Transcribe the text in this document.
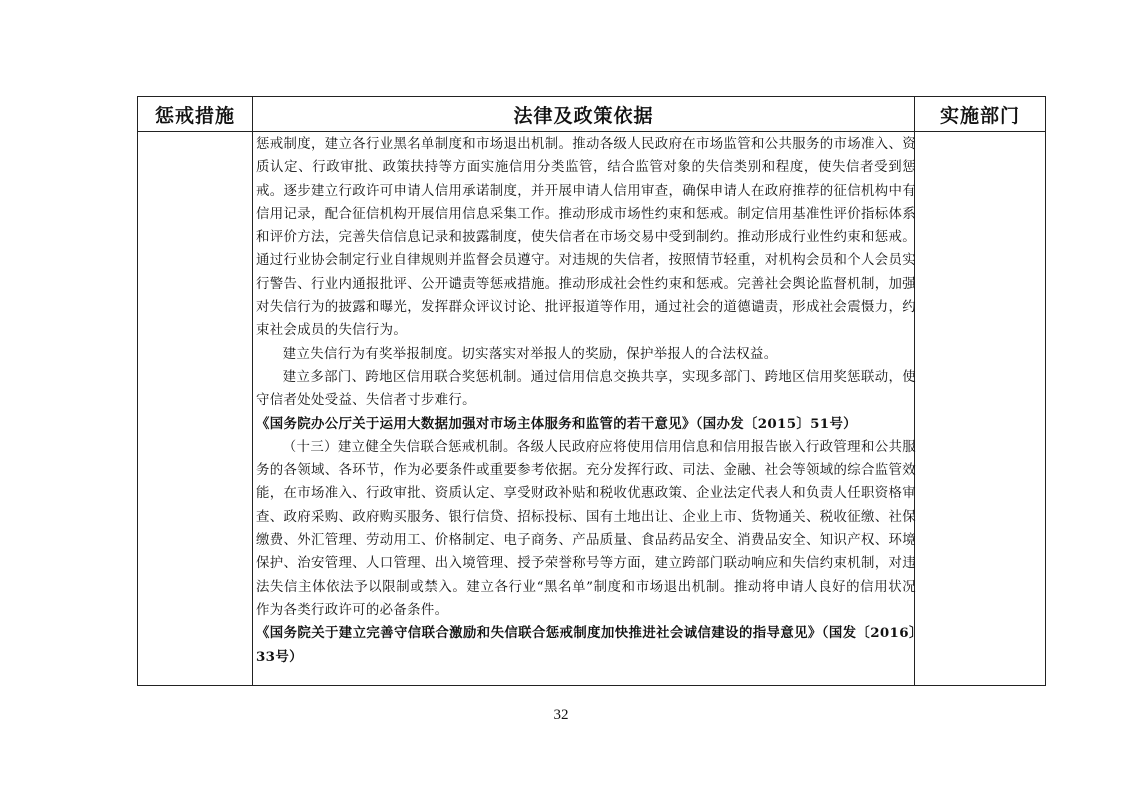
惩戒措施	法律及政策依据	实施部门

惩戒制度，建立各行业黑名单制度和市场退出机制。推动各级人民政府在市场监管和公共服务的市场准入、资质认定、行政审批、政策扶持等方面实施信用分类监管，结合监管对象的失信类别和程度，使失信者受到惩戒。逐步建立行政许可申请人信用承诺制度，并开展申请人信用审查，确保申请人在政府推荐的征信机构中有信用记录，配合征信机构开展信用信息采集工作。推动形成市场性约束和惩戒。制定信用基准性评价指标体系和评价方法，完善失信信息记录和披露制度，使失信者在市场交易中受到制约。推动形成行业性约束和惩戒。通过行业协会制定行业自律规则并监督会员遵守。对违规的失信者，按照情节轻重，对机构会员和个人会员实行警告、行业内通报批评、公开谴责等惩戒措施。推动形成社会性约束和惩戒。完善社会舆论监督机制，加强对失信行为的披露和曝光，发挥群众评议讨论、批评报道等作用，通过社会的道德谴责，形成社会震慑力，约束社会成员的失信行为。

建立失信行为有奖举报制度。切实落实对举报人的奖励，保护举报人的合法权益。

建立多部门、跨地区信用联合奖惩机制。通过信用信息交换共享，实现多部门、跨地区信用奖惩联动，使守信者处处受益、失信者寸步难行。

《国务院办公厅关于运用大数据加强对市场主体服务和监管的若干意见》（国办发〔2015〕51号）

（十三）建立健全失信联合惩戒机制。各级人民政府应将使用信用信息和信用报告嵌入行政管理和公共服务的各领域、各环节，作为必要条件或重要参考依据。充分发挥行政、司法、金融、社会等领域的综合监管效能，在市场准入、行政审批、资质认定、享受财政补贴和税收优惠政策、企业法定代表人和负责人任职资格审查、政府采购、政府购买服务、银行信贷、招标投标、国有土地出让、企业上市、货物通关、税收征缴、社保缴费、外汇管理、劳动用工、价格制定、电子商务、产品质量、食品药品安全、消费品安全、知识产权、环境保护、治安管理、人口管理、出入境管理、授予荣誉称号等方面，建立跨部门联动响应和失信约束机制，对违法失信主体依法予以限制或禁入。建立各行业“黑名单”制度和市场退出机制。推动将申请人良好的信用状况作为各类行政许可的必备条件。

《国务院关于建立完善守信联合激励和失信联合惩戒制度加快推进社会诚信建设的指导意见》（国发〔2016〕33号）

32
